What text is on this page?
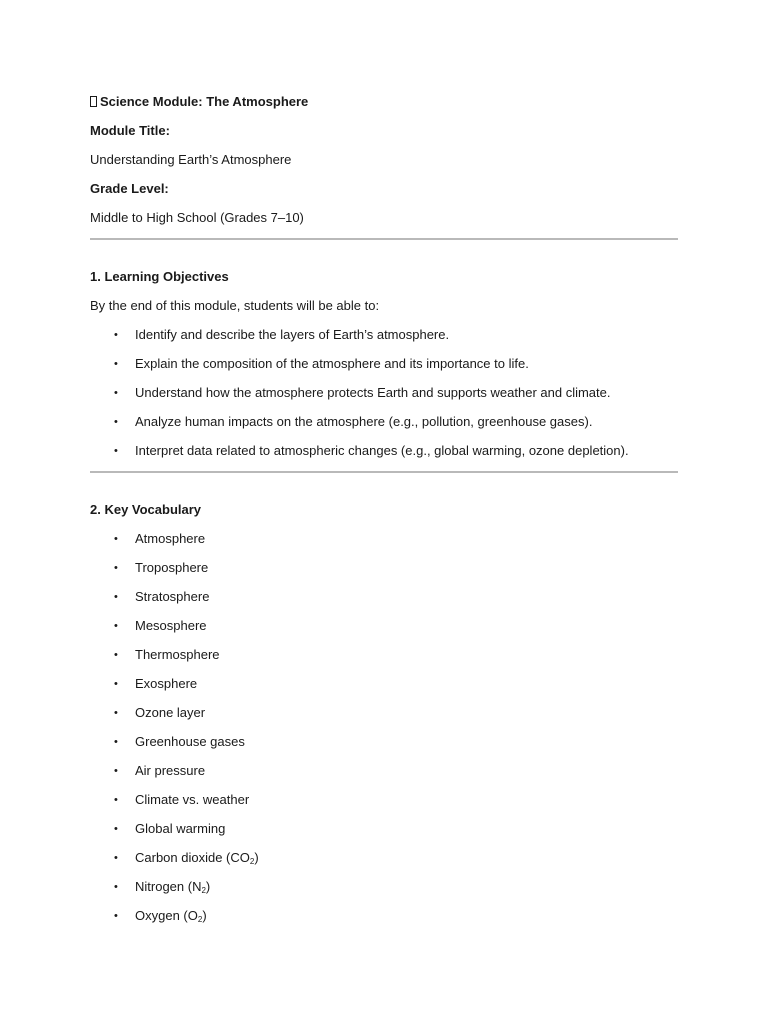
Science Module: The Atmosphere
Module Title:
Understanding Earth’s Atmosphere
Grade Level:
Middle to High School (Grades 7–10)
1. Learning Objectives
By the end of this module, students will be able to:
• Identify and describe the layers of Earth’s atmosphere.
• Explain the composition of the atmosphere and its importance to life.
• Understand how the atmosphere protects Earth and supports weather and climate.
• Analyze human impacts on the atmosphere (e.g., pollution, greenhouse gases).
• Interpret data related to atmospheric changes (e.g., global warming, ozone depletion).
2. Key Vocabulary
• Atmosphere
• Troposphere
• Stratosphere
• Mesosphere
• Thermosphere
• Exosphere
• Ozone layer
• Greenhouse gases
• Air pressure
• Climate vs. weather
• Global warming
• Carbon dioxide $(CO_2)$
• Nitrogen $(N_2)$
• Oxygen $(O_2)$
